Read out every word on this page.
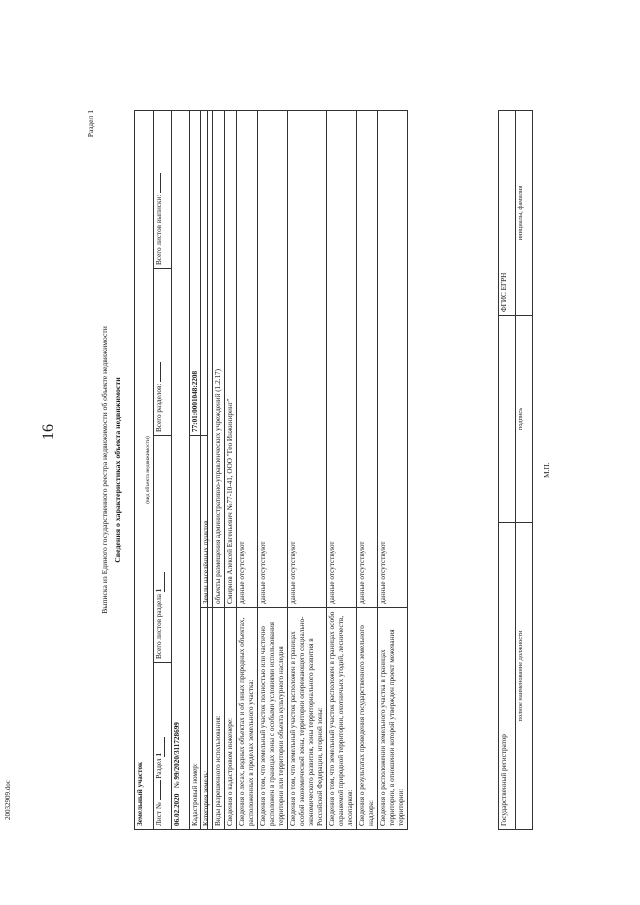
16
20032909.doc
Раздел 1
Выписка из Единого государственного реестра недвижимости об объекте недвижимости Сведения о характеристиках объекта недвижимости
Земельный участок
(вид объекта недвижимости)			

Лист №  Раздел 1	Всего листов раздела 1	Всего разделов:	Всего листов выписки:
06.02.2020   № 99/2020/311728699			
Кадастровый номер:		77:01:0001048:2208	
Категория земель:	Земли населённых пунктов
Виды разрешенного использования:	объекты размещения административно-управленческих учреждений (1.2.17)
Сведения о кадастровом инженере:	Смирнов Алексей Евгеньевич №77-10-41, ООО "Гео Инжиниринг"
Сведения о лесах, водных объектах и об иных природных объектах, расположенных в пределах земельного участка:	данные отсутствуют
Сведения о том, что земельный участок полностью или частично расположен в границах зоны с особыми условиями использования территории или территории объекта культурного наследия	данные отсутствуют
Сведения о том, что земельный участок расположен в границах особой экономической зоны, территории опережающего социально-экономического развития, зоны территориального развития в Российской Федерации, игорной зоны:	данные отсутствуют
Сведения о том, что земельный участок расположен в границах особо охраняемой природной территории, охотничьих угодий, лесничеств, лесопарков:	данные отсутствуют
Сведения о результатах проведения государственного земельного надзора:	данные отсутствуют
Сведения о расположении земельного участка в границах территории, в отношении которой утвержден проект межевания территории:	данные отсутствуют
Государственный регистратор		ФГИС ЕГРН
полное наименование должности	подпись	инициалы, фамилия
М.П.
